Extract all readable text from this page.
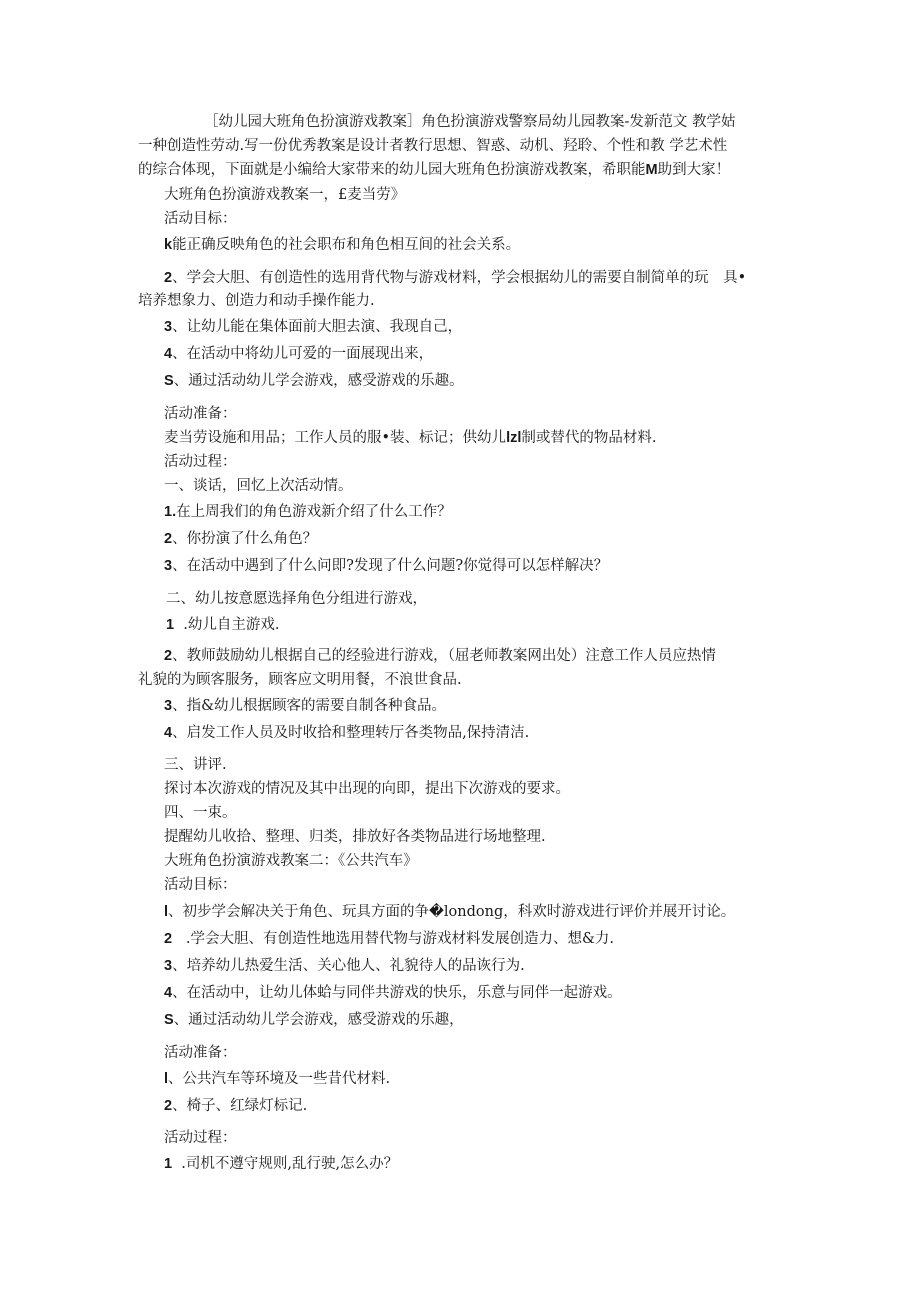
［幼儿园大班角色扮演游戏教案］角色扮演游戏警察局幼儿园教案-发新范文 教学姑
一种创造性劳动.写一份优秀教案是设计者教行思想、智惑、动机、羟聆、个性和教 学艺术性
的综合体现，下面就是小编给大家带来的幼儿园大班角色扮演游戏教案，希职能M助到大家！
大班角色扮演游戏教案一，£麦当劳》
活动目标：
k能正确反映角色的社会职布和角色相互间的社会关系。
2、学会大胆、有创造性的选用背代物与游戏材料，学会根据幼儿的需要自制简单的玩　具•
培养想象力、创造力和动手操作能力.
3、让幼儿能在集体面前大胆去演、我现自己，
4、在活动中将幼儿可爱的一面展现出来，
S、通过活动幼儿学会游戏，感受游戏的乐趣。
活动准备：
麦当劳设施和用品；工作人员的服•装、标记；供幼儿lzl制或替代的物品材料.
活动过程：
一、谈话，回忆上次活动情。
1.在上周我们的角色游戏新介绍了什么工作？
2、你扮演了什么角色？
3、在活动中遇到了什么问即?发现了什么问题?你觉得可以怎样解决？
二、幼儿按意愿选择角色分组进行游戏，
1 .幼儿自主游戏.
2、教师鼓励幼儿根据自己的经验进行游戏，（屈老师教案网出处）注意工作人员应热情
礼貌的为顾客服务，顾客应文明用餐，不浪世食品.
3、指&幼儿根据顾客的需要自制各种食品。
4、启发工作人员及时收拾和整理转厅各类物品,保持清洁.
三、讲评.
探讨本次游戏的情况及其中出现的向即，提出下次游戏的要求。
四、一束。
提醒幼儿收拾、整理、归类，排放好各类物品进行场地整理.
大班角色扮演游戏教案二：《公共汽车》
活动目标：
l、初步学会解决关于角色、玩具方面的争�londong，科欢时游戏进行评价并展开讨论。
2 .学会大胆、有创造性地选用替代物与游戏材料发展创造力、想&力.
3、培养幼儿热爱生活、关心他人、礼貌待人的品诙行为.
4、在活动中，让幼儿体蛤与同伴共游戏的快乐，乐意与同伴一起游戏。
S、通过活动幼儿学会游戏，感受游戏的乐趣，
活动准备：
l、公共汽车等环境及一些昔代材料.
2、椅子、红绿灯标记.
活动过程：
1 .司机不遵守规则,乱行驶,怎么办？
